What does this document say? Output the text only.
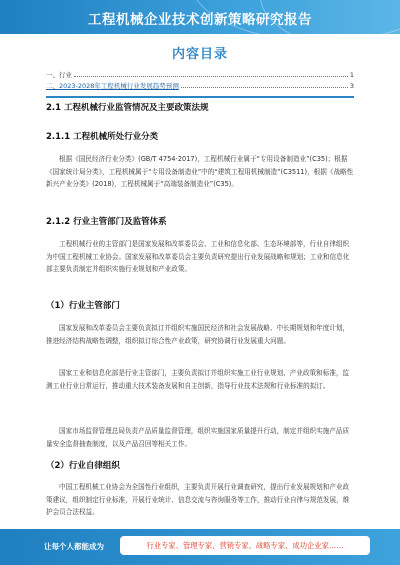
工程机械企业技术创新策略研究报告
内容目录
一、行业	1
二、2023-2028年工程机械行业发展趋势预测	3
2.1 工程机械行业监管情况及主要政策法规
2.1.1 工程机械所处行业分类
根据《国民经济行业分类》(GB/T 4754-2017)，工程机械行业属于“专用设备制造业”(C35)；根据《国家统计局分类》，工程机械属于“专用设备制造业”中的“建筑工程用机械制造”(C3511)，根据《战略性新兴产业分类》(2018)，工程机械属于“高端装备制造业”(C35)。
2.1.2 行业主管部门及监管体系
工程机械行业的主管部门是国家发展和改革委员会、工业和信息化部、生态环境部等，行业自律组织为中国工程机械工业协会。国家发展和改革委员会主要负责研究提出行业发展战略和规划；工业和信息化部主要负责制定并组织实施行业规划和产业政策。
（1）行业主管部门
国家发展和改革委员会主要负责拟订并组织实施国民经济和社会发展战略、中长期规划和年度计划，推进经济结构战略性调整，组织拟订综合性产业政策，研究协调行业发展重大问题。
国家工业和信息化部是行业主管部门，主要负责拟订并组织实施工业行业规划、产业政策和标准，监测工业行业日常运行，推动重大技术装备发展和自主创新，指导行业技术法规和行业标准的拟订。
国家市场监督管理总局负责产品质量监督管理，组织实施国家质量提升行动，制定并组织实施产品质量安全监督抽查制度，以及产品召回等相关工作。
（2）行业自律组织
中国工程机械工业协会为全国性行业组织，主要负责开展行业调查研究，提出行业发展规划和产业政策建议，组织制定行业标准，开展行业统计、信息交流与咨询服务等工作，推动行业自律与规范发展，维护会员合法权益。
让每个人都能成为	行业专家、管理专家、营销专家、战略专家、成功企业家……
